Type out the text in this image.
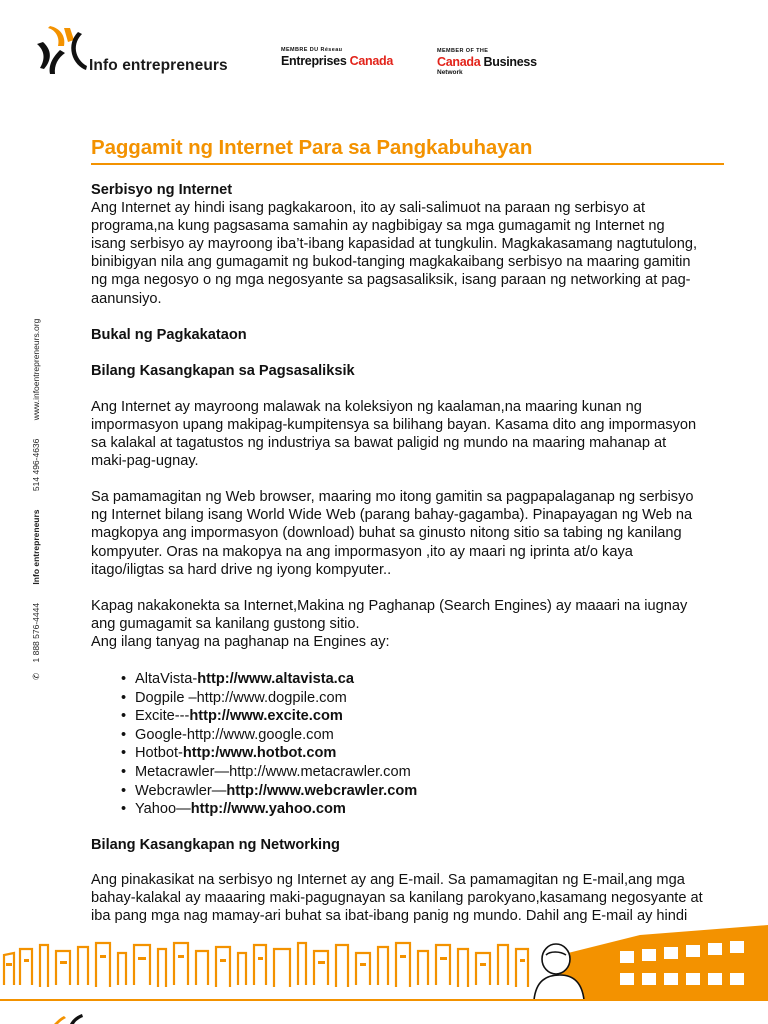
Info entrepreneurs
MEMBRE DU Réseau
Entreprises Canada
MEMBER OF THE
Canada Business
Network
✆ 1 888 576-4444 Info entrepreneurs 514 496-4636 www.infoentrepreneurs.org
Paggamit ng Internet Para sa Pangkabuhayan

Serbisyo ng Internet

Ang Internet ay hindi isang pagkakaroon, ito ay sali-salimuot na paraan ng serbisyo at

programa,na kung pagsasama samahin ay nagbibigay sa mga gumagamit ng Internet ng

isang serbisyo ay mayroong iba’t-ibang kapasidad at tungkulin. Magkakasamang nagtutulong,

binibigyan nila ang gumagamit ng bukod-tanging magkakaibang serbisyo na maaring gamitin

ng mga negosyo o ng mga negosyante sa pagsasaliksik, isang paraan ng networking at pag-

aanunsiyo.

Bukal ng Pagkakataon

Bilang Kasangkapan sa Pagsasaliksik

Ang Internet ay mayroong malawak na koleksiyon ng kaalaman,na maaring kunan ng

impormasyon upang makipag-kumpitensya sa bilihang bayan. Kasama dito ang impormasyon

sa kalakal at tagatustos ng industriya sa bawat paligid ng mundo na maaring mahanap at

maki-pag-ugnay.

Sa pamamagitan ng Web browser, maaring mo itong gamitin sa pagpapalaganap ng serbisyo

ng Internet bilang isang World Wide Web (parang bahay-gagamba). Pinapayagan ng Web na

magkopya ang impormasyon (download) buhat sa ginusto nitong sitio sa tabing ng kanilang

kompyuter. Oras na makopya na ang impormasyon ,ito ay maari ng iprinta at/o kaya

itago/iligtas sa hard drive ng iyong kompyuter..

Kapag nakakonekta sa Internet,Makina ng Paghanap (Search Engines) ay maaari na iugnay

ang gumagamit sa kanilang gustong sitio.

Ang ilang tanyag na paghanap na Engines ay:

• AltaVista-http://www.altavista.ca
• Dogpile –http://www.dogpile.com
• Excite---http://www.excite.com
• Google-http://www.google.com
• Hotbot-http:/www.hotbot.com
• Metacrawler—http://www.metacrawler.com
• Webcrawler—http://www.webcrawler.com
• Yahoo—http://www.yahoo.com

Bilang Kasangkapan ng Networking

Ang pinakasikat na serbisyo ng Internet ay ang E-mail. Sa pamamagitan ng E-mail,ang mga

bahay-kalakal ay maaaring maki-pagugnayan sa kanilang parokyano,kasamang negosyante at

iba pang mga nag mamay-ari buhat sa ibat-ibang panig ng mundo. Dahil ang E-mail ay hindi
